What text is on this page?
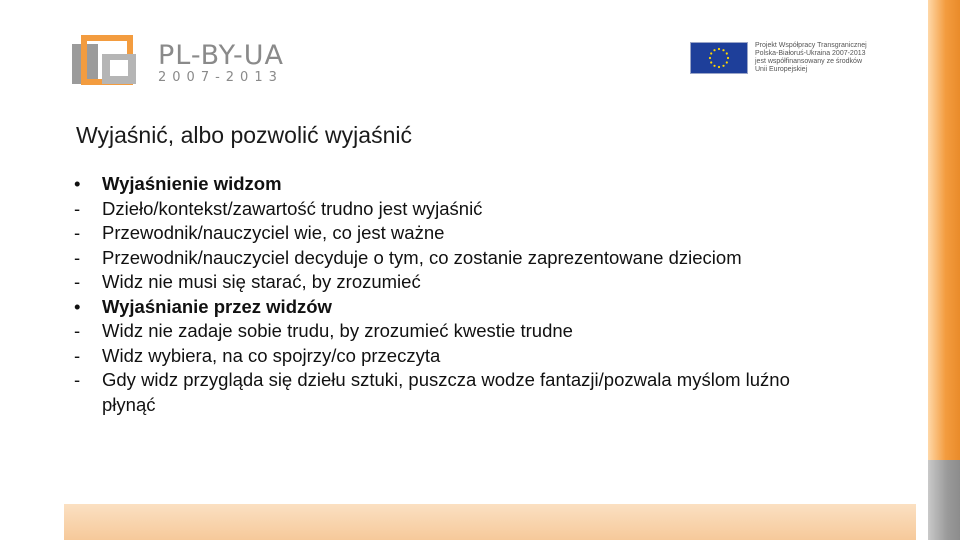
PL-BY-UA
2007-2013
Projekt Współpracy Transgranicznej
Polska-Białoruś-Ukraina 2007-2013
jest współfinansowany ze środków
Unii Europejskiej
Wyjaśnić, albo pozwolić wyjaśnić
•	Wyjaśnienie widzom
-	Dzieło/kontekst/zawartość trudno jest wyjaśnić
-	Przewodnik/nauczyciel wie, co jest ważne
-	Przewodnik/nauczyciel decyduje o tym, co zostanie zaprezentowane dzieciom
-	Widz nie musi się starać, by zrozumieć
•	Wyjaśnianie przez widzów
-	Widz nie zadaje sobie trudu, by zrozumieć kwestie trudne
-	Widz wybiera, na co spojrzy/co przeczyta
-	Gdy widz przygląda się dziełu sztuki, puszcza wodze fantazji/pozwala myślom luźno płynąć
